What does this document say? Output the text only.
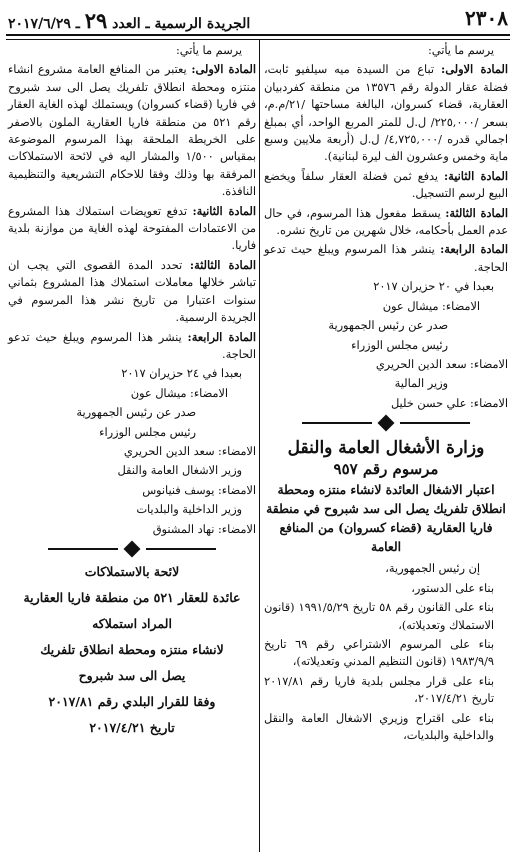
٢٣٠٨
الجريدة الرسمية ـ العدد ٢٩ ـ ٢٠١٧/٦/٢٩

يرسم ما يأتي:

المادة الاولى: تباع من السيدة ميه سيلفيو ثابت، فضلة عقار الدولة رقم ١٣٥٧٦ من منطقة كفردبيان العقارية، قضاء كسروان، البالغة مساحتها /٢١/م.م، بسعر /٢٢٥,٠٠٠/ ل.ل للمتر المربع الواحد، أي بمبلغ اجمالي قدره /٤,٧٢٥,٠٠٠/ ل.ل (أربعة ملايين وسبع ماية وخمس وعشرون الف ليرة لبنانية).

المادة الثانية: يدفع ثمن فضلة العقار سلفاً ويخضع البيع لرسم التسجيل.

المادة الثالثة: يسقط مفعول هذا المرسوم، في حال عدم العمل بأحكامه، خلال شهرين من تاريخ نشره.

المادة الرابعة: ينشر هذا المرسوم ويبلغ حيث تدعو الحاجة.

بعبدا في ٢٠ حزيران ٢٠١٧

الامضاء: ميشال عون

صدر عن رئيس الجمهورية

رئيس مجلس الوزراء

الامضاء: سعد الدين الحريري

وزير المالية

الامضاء: علي حسن خليل

وزارة الأشغال العامة والنقل
مرسوم رقم ٩٥٧
اعتبار الاشغال العائدة لانشاء منتزه ومحطة انطلاق تلفريك يصل الى سد شبروح في منطقة فاريا العقارية (قضاء كسروان) من المنافع العامة

إن رئيس الجمهورية،

بناء على الدستور،

بناء على القانون رقم ٥٨ تاريخ ١٩٩١/٥/٢٩ (قانون الاستملاك وتعديلاته)،

بناء على المرسوم الاشتراعي رقم ٦٩ تاريخ ١٩٨٣/٩/٩ (قانون التنظيم المدني وتعديلاته)،

بناء على قرار مجلس بلدية فاريا رقم ٢٠١٧/٨١ تاريخ ٢٠١٧/٤/٢١،

بناء على اقتراح وزيري الاشغال العامة والنقل والداخلية والبلديات،

يرسم ما يأتي:

المادة الاولى: يعتبر من المنافع العامة مشروع انشاء منتزه ومحطة انطلاق تلفريك يصل الى سد شبروح في فاريا (قضاء كسروان) ويستملك لهذه الغاية العقار رقم ٥٢١ من منطقة فاريا العقارية الملون بالاصفر على الخريطة الملحقة بهذا المرسوم الموضوعة بمقياس ١/٥٠٠ والمشار اليه في لائحة الاستملاكات المرفقة بها وذلك وفقا للاحكام التشريعية والتنظيمية النافذة.

المادة الثانية: تدفع تعويضات استملاك هذا المشروع من الاعتمادات المفتوحة لهذه الغاية من موازنة بلدية فاريا.

المادة الثالثة: تحدد المدة القصوى التي يجب ان تباشر خلالها معاملات استملاك هذا المشروع بثماني سنوات اعتبارا من تاريخ نشر هذا المرسوم في الجريدة الرسمية.

المادة الرابعة: ينشر هذا المرسوم ويبلغ حيث تدعو الحاجة.

بعبدا في ٢٤ حزيران ٢٠١٧

الامضاء: ميشال عون

صدر عن رئيس الجمهورية

رئيس مجلس الوزراء

الامضاء: سعد الدين الحريري

وزير الاشغال العامة والنقل

الامضاء: يوسف فنيانوس

وزير الداخلية والبلديات

الامضاء: نهاد المشنوق

لائحة بالاستملاكات
عائدة للعقار ٥٢١ من منطقة فاريا العقارية
المراد استملاكه
لانشاء منتزه ومحطة انطلاق تلفريك
يصل الى سد شبروح
وفقا للقرار البلدي رقم ٢٠١٧/٨١
تاريخ ٢٠١٧/٤/٢١
